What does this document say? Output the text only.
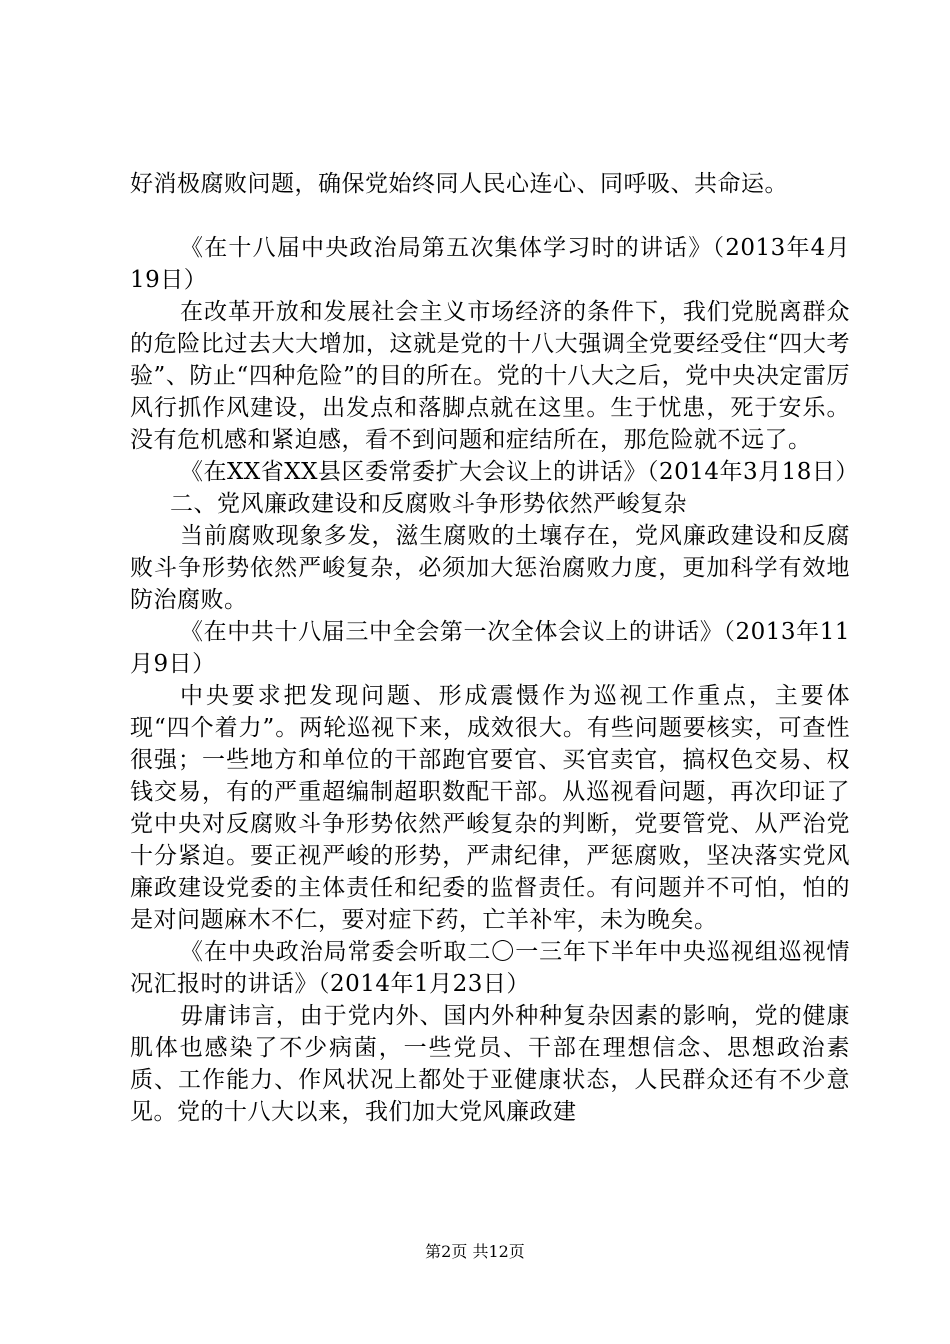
好消极腐败问题，确保党始终同人民心连心、同呼吸、共命运。

《在十八届中央政治局第五次集体学习时的讲话》（2013年4月19日）

在改革开放和发展社会主义市场经济的条件下，我们党脱离群众的危险比过去大大增加，这就是党的十八大强调全党要经受住“四大考验”、防止“四种危险”的目的所在。党的十八大之后，党中央决定雷厉风行抓作风建设，出发点和落脚点就在这里。生于忧患，死于安乐。没有危机感和紧迫感，看不到问题和症结所在，那危险就不远了。

《在XX省XX县区委常委扩大会议上的讲话》（2014年3月18日）

二、党风廉政建设和反腐败斗争形势依然严峻复杂

当前腐败现象多发，滋生腐败的土壤存在，党风廉政建设和反腐败斗争形势依然严峻复杂，必须加大惩治腐败力度，更加科学有效地防治腐败。

《在中共十八届三中全会第一次全体会议上的讲话》（2013年11月9日）

中央要求把发现问题、形成震慑作为巡视工作重点，主要体现“四个着力”。两轮巡视下来，成效很大。有些问题要核实，可查性很强；一些地方和单位的干部跑官要官、买官卖官，搞权色交易、权钱交易，有的严重超编制超职数配干部。从巡视看问题，再次印证了党中央对反腐败斗争形势依然严峻复杂的判断，党要管党、从严治党十分紧迫。要正视严峻的形势，严肃纪律，严惩腐败，坚决落实党风廉政建设党委的主体责任和纪委的监督责任。有问题并不可怕，怕的是对问题麻木不仁，要对症下药，亡羊补牢，未为晚矣。

《在中央政治局常委会听取二〇一三年下半年中央巡视组巡视情况汇报时的讲话》（2014年1月23日）

毋庸讳言，由于党内外、国内外种种复杂因素的影响，党的健康肌体也感染了不少病菌，一些党员、干部在理想信念、思想政治素质、工作能力、作风状况上都处于亚健康状态，人民群众还有不少意见。党的十八大以来，我们加大党风廉政建

第2页 共12页
